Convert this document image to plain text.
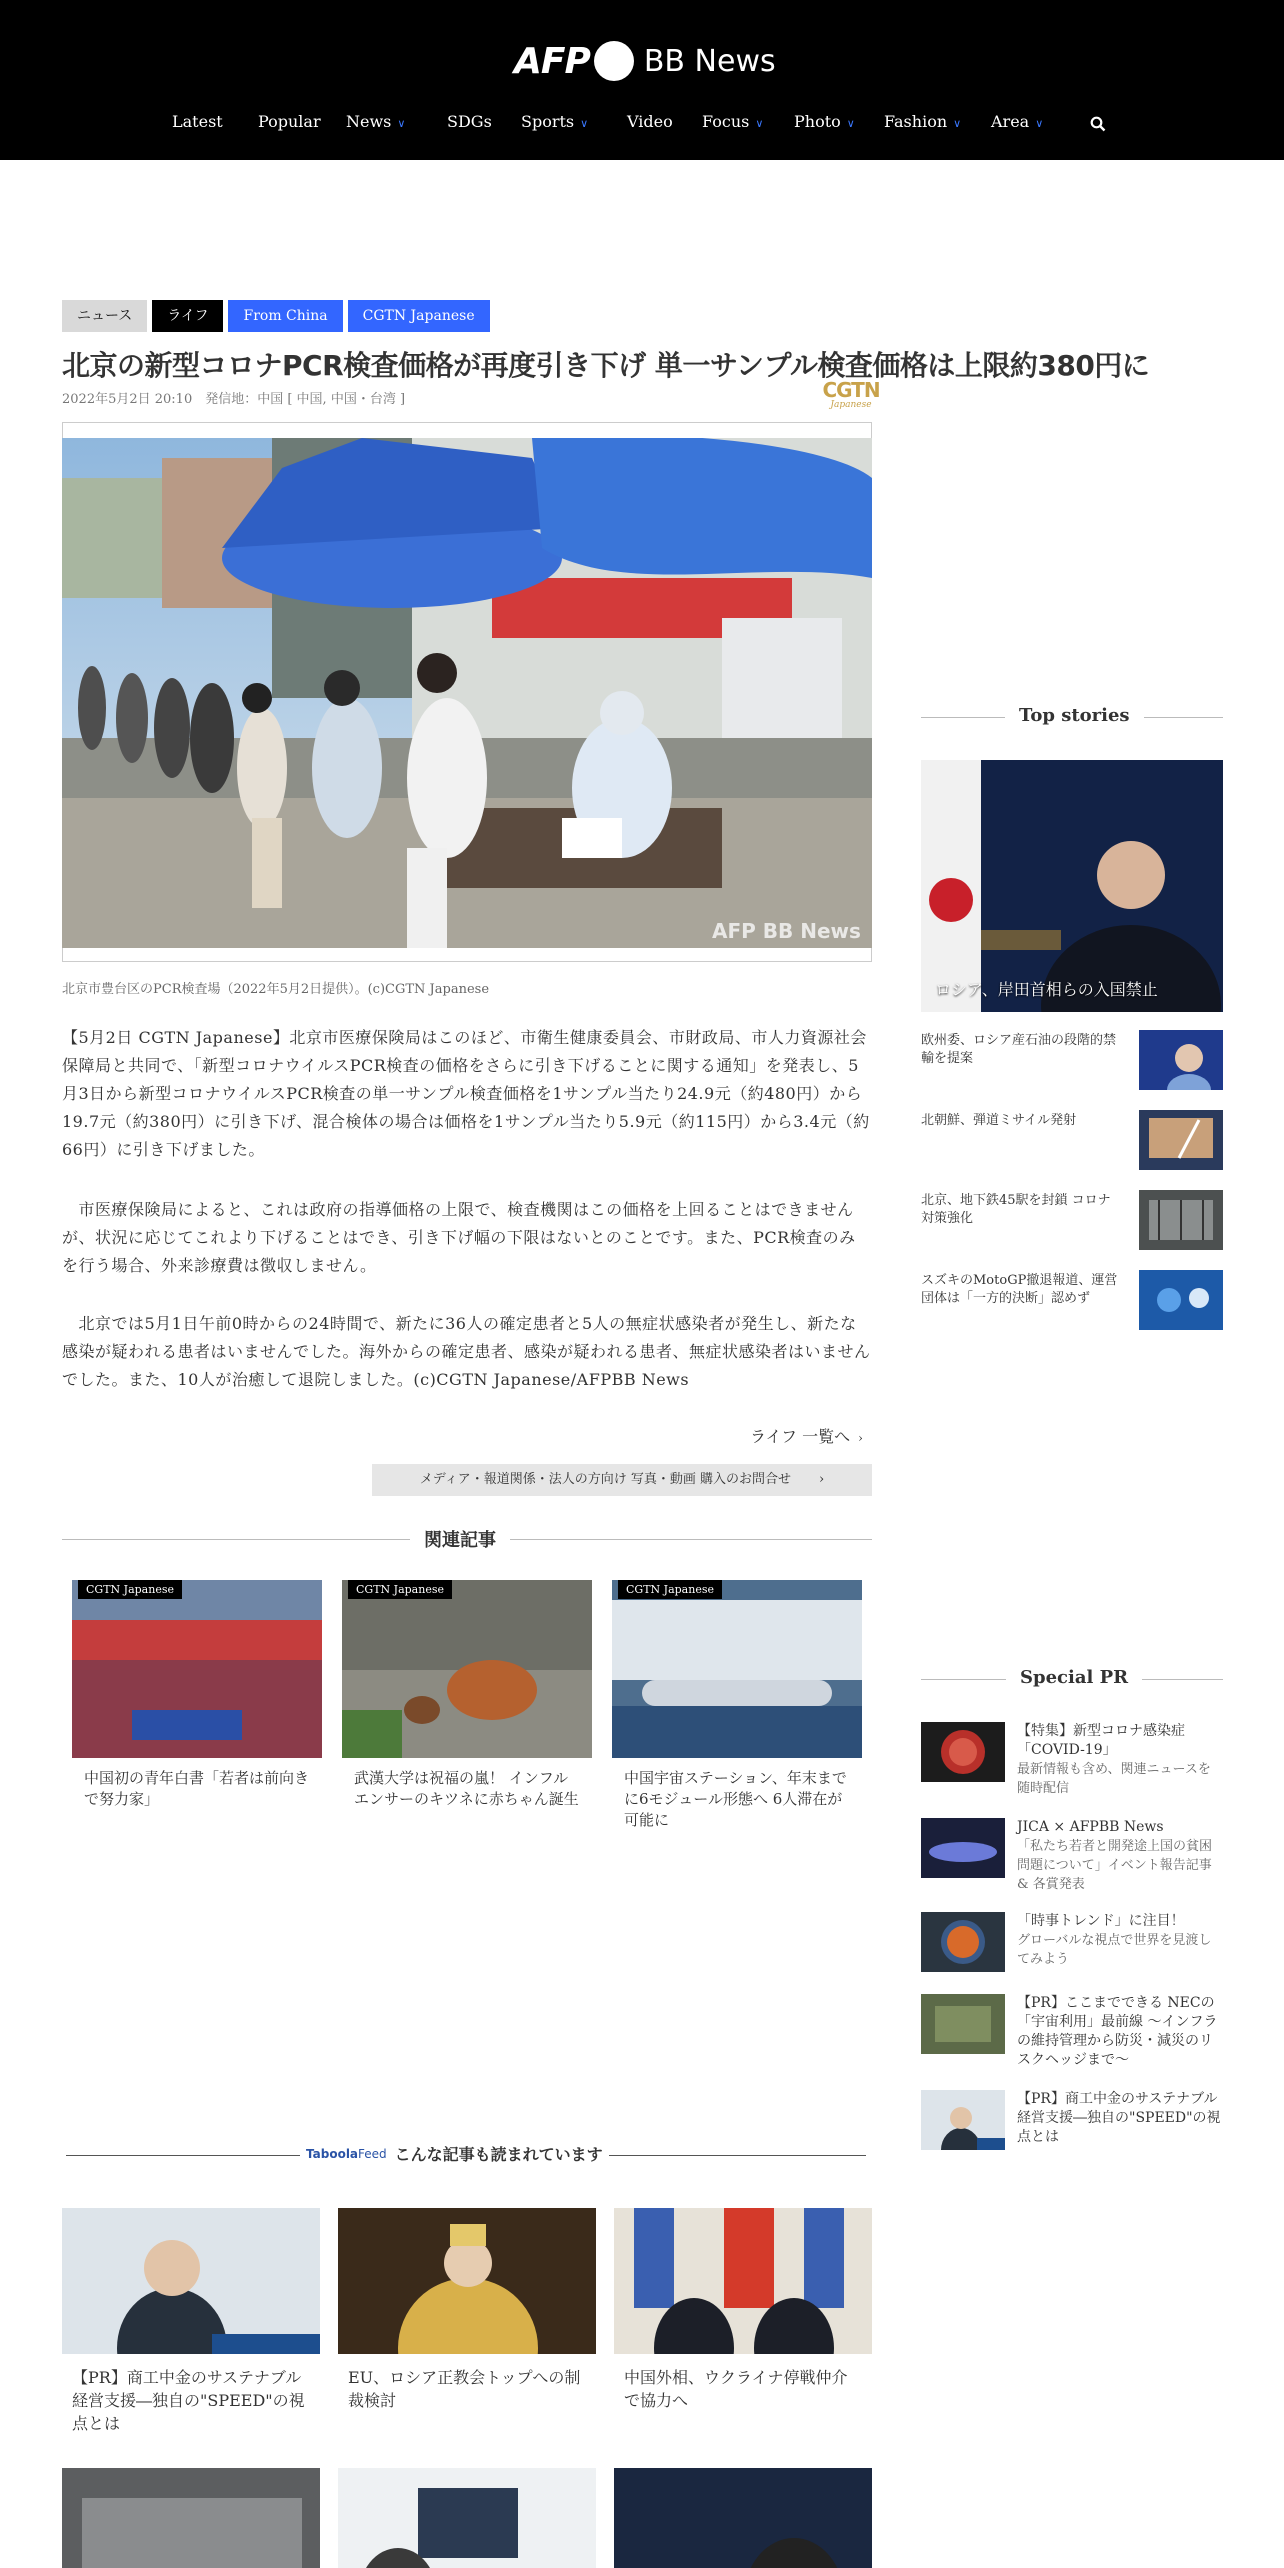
AFP BB News
Latest Popular News ∨	SDGs Sports ∨ Video Focus ∨ Photo ∨ Fashion ∨ Area ∨
ニュース	ライフ	From China	CGTN Japanese
北京の新型コロナPCR検査価格が再度引き下げ 単一サンプル検査価格は上限約380円に
2022年5月2日 20:10　発信地：中国 [ 中国, 中国・台湾 ]	CGTN
Japanese
AFP BB News
北京市豊台区のPCR検査場（2022年5月2日提供）。(c)CGTN Japanese

【5月2日 CGTN Japanese】北京市医療保険局はこのほど、市衛生健康委員会、市財政局、市人力資源社会保障局と共同で、「新型コロナウイルスPCR検査の価格をさらに引き下げることに関する通知」を発表し、5月3日から新型コロナウイルスPCR検査の単一サンプル検査価格を1サンプル当たり24.9元（約480円）から19.7元（約380円）に引き下げ、混合検体の場合は価格を1サンプル当たり5.9元（約115円）から3.4元（約66円）に引き下げました。

　市医療保険局によると、これは政府の指導価格の上限で、検査機関はこの価格を上回ることはできませんが、状況に応じてこれより下げることはでき、引き下げ幅の下限はないとのことです。また、PCR検査のみを行う場合、外来診療費は徴収しません。

　北京では5月1日午前0時からの24時間で、新たに36人の確定患者と5人の無症状感染者が発生し、新たな感染が疑われる患者はいませんでした。海外からの確定患者、感染が疑われる患者、無症状感染者はいませんでした。また、10人が治癒して退院しました。(c)CGTN Japanese/AFPBB News

ライフ 一覧へ ›
メディア・報道関係・法人の方向け 写真・動画 購入のお問合せ ›
関連記事
CGTN Japanese
中国初の青年白書「若者は前向きで努力家」
CGTN Japanese
武漢大学は祝福の嵐！ インフルエンサーのキツネに赤ちゃん誕生
CGTN Japanese
中国宇宙ステーション、年末までに6モジュール形態へ 6人滞在が可能に
Taboola Feed こんな記事も読まれています
【PR】商工中金のサステナブル経営支援―独自の"SPEED"の視点とは
EU、ロシア正教会トップへの制裁検討
中国外相、ウクライナ停戦仲介で協力へ
Top stories
ロシア、岸田首相らの入国禁止
欧州委、ロシア産石油の段階的禁輸を提案
北朝鮮、弾道ミサイル発射
北京、地下鉄45駅を封鎖 コロナ対策強化
スズキのMotoGP撤退報道、運営団体は「一方的決断」認めず
Special PR
【特集】新型コロナ感染症「COVID-19」
最新情報も含め、関連ニュースを随時配信
JICA × AFPBB News
「私たち若者と開発途上国の貧困問題について」イベント報告記事 & 各賞発表
「時事トレンド」に注目！
グローバルな視点で世界を見渡してみよう
【PR】ここまでできる NECの「宇宙利用」最前線 ～インフラの維持管理から防災・減災のリスクヘッジまで～
【PR】商工中金のサステナブル経営支援―独自の"SPEED"の視点とは
